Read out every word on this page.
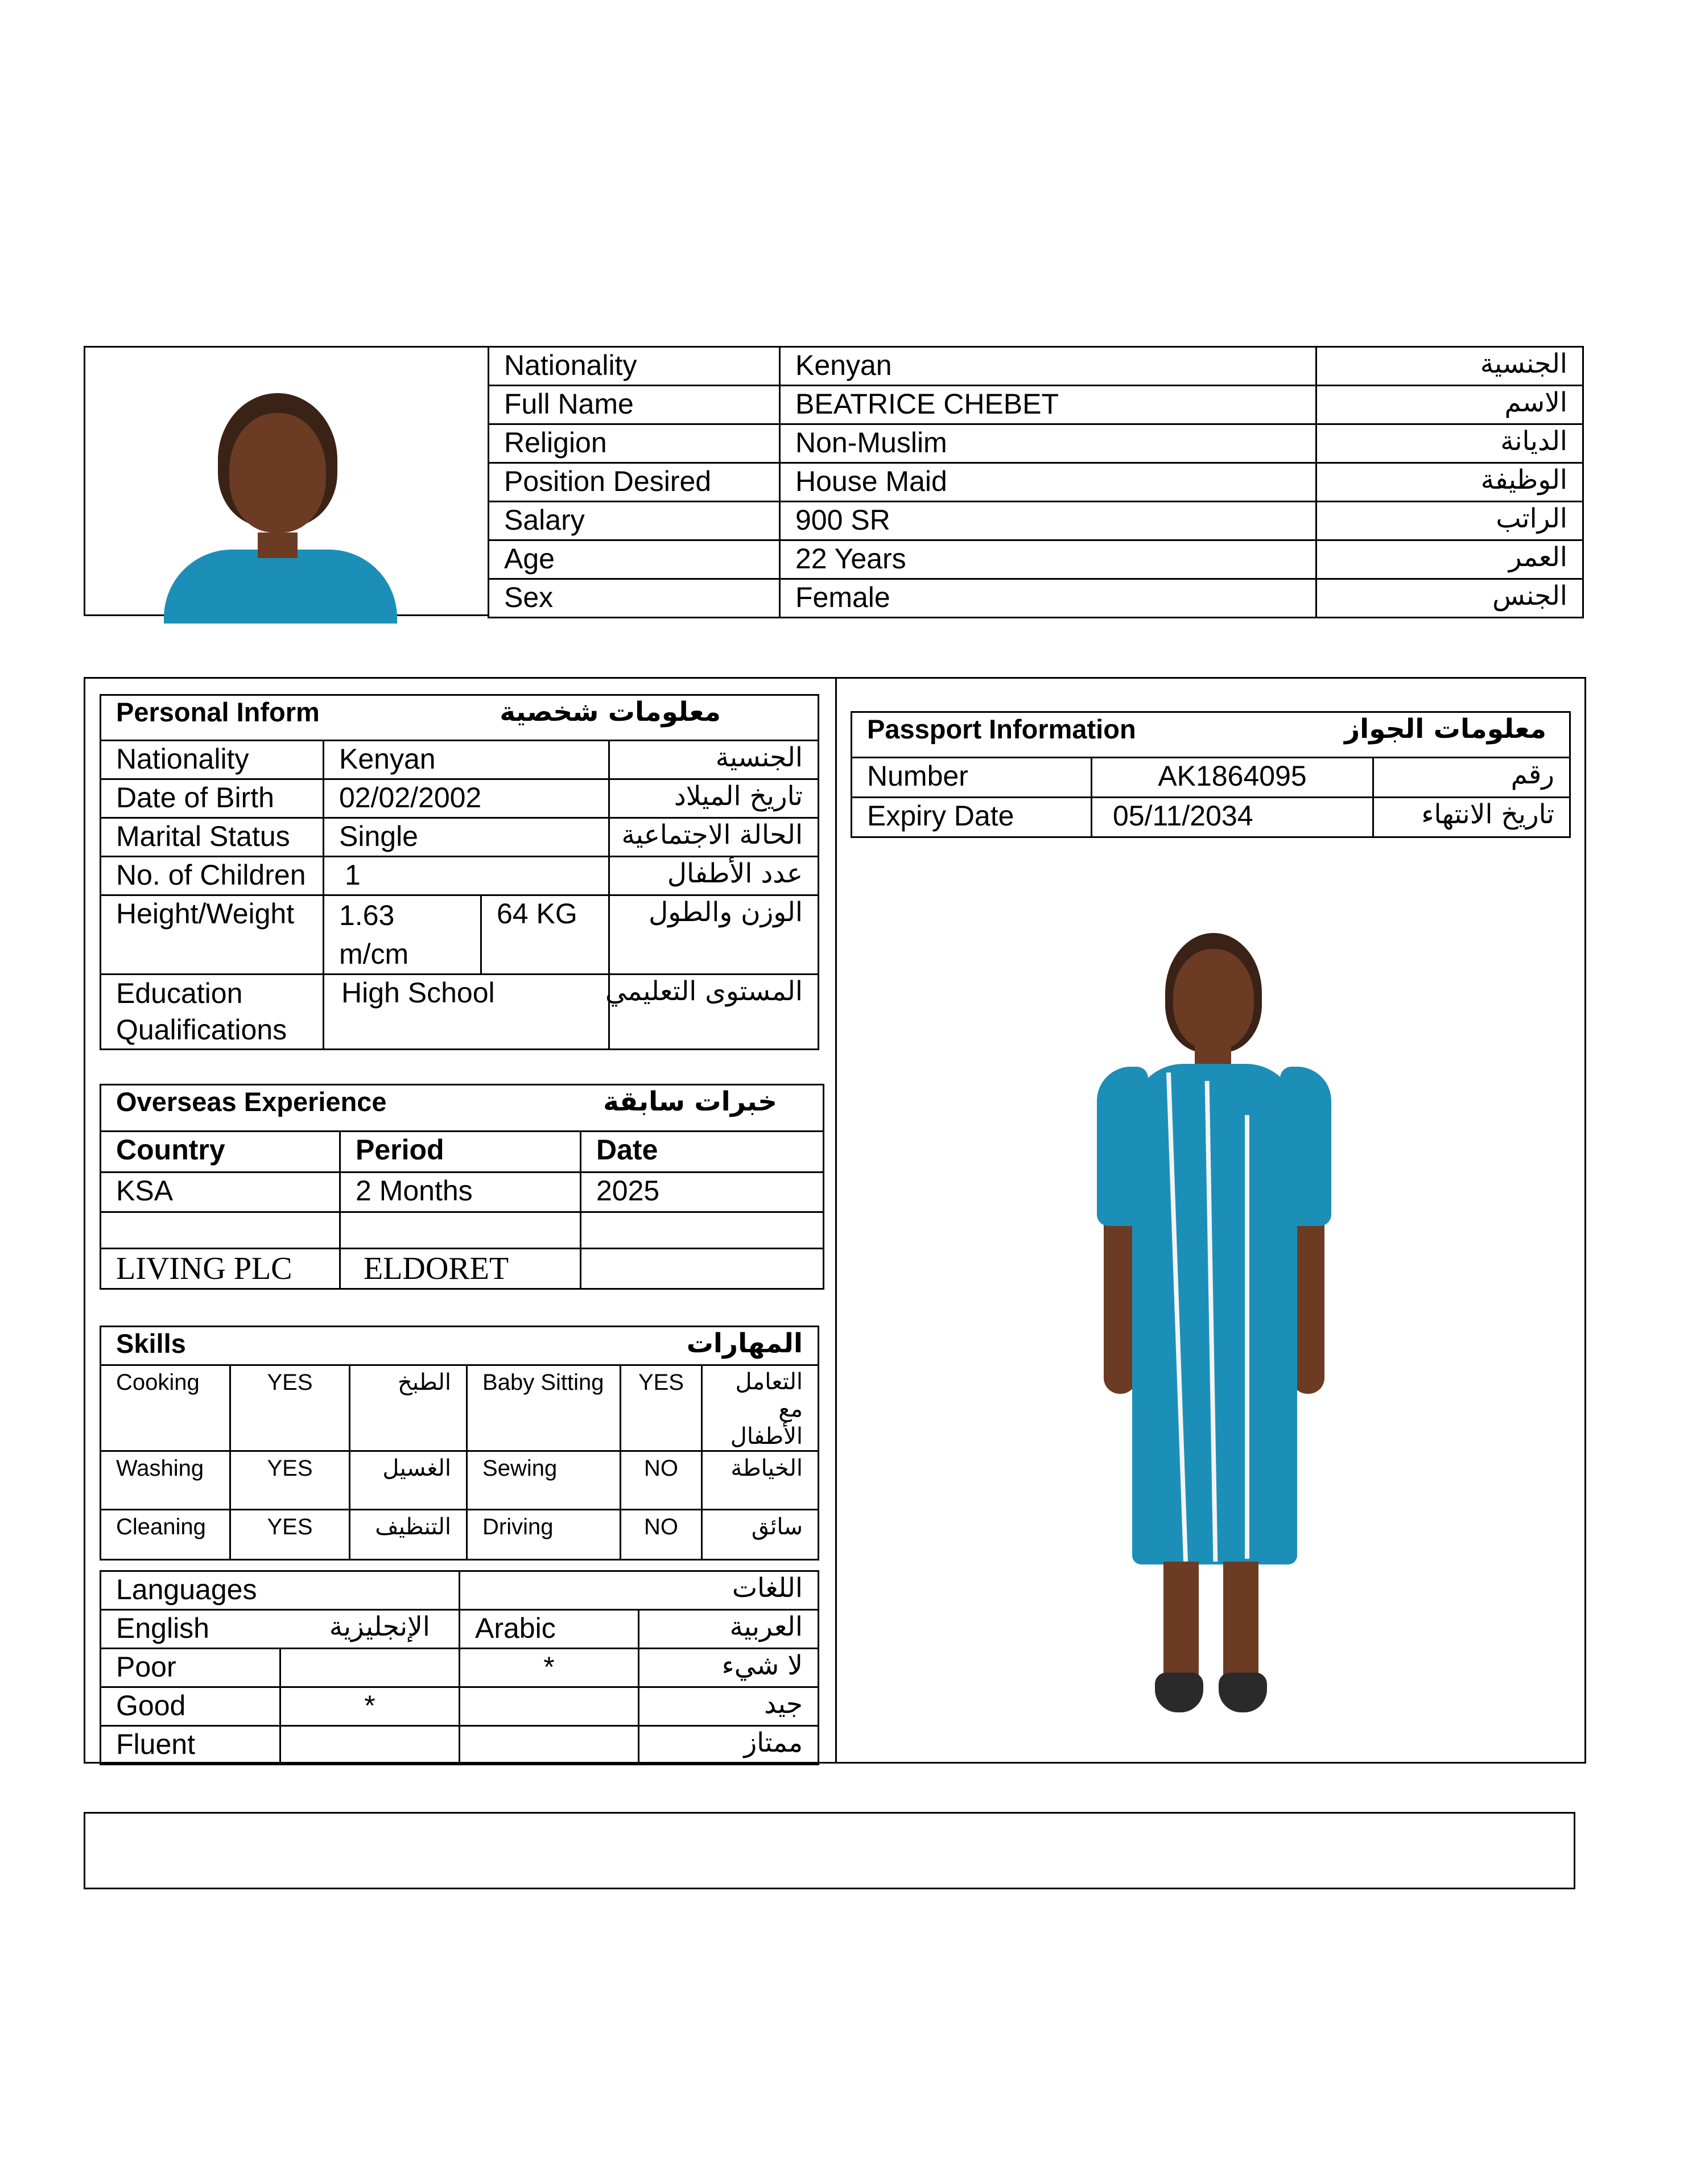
Nationality	Kenyan	الجنسية
Full Name	BEATRICE CHEBET	الاسم
Religion	Non-Muslim	الديانة
Position Desired	House Maid	الوظيفة
Salary	900 SR	الراتب
Age	22 Years	العمر
Sex	Female	الجنس
Personal Inform		معلومات شخصية	
Nationality	Kenyan		الجنسية
Date of Birth	02/02/2002		تاريخ الميلاد
Marital Status	Single		الحالة الاجتماعية
No. of Children	1		عدد الأطفال
Height/Weight	1.63 m/cm	64 KG	الوزن والطول
Education Qualifications	High School		المستوى التعليمي
Overseas Experience		خبرات سابقة
Country	Period	Date
KSA	2 Months	2025

LIVING PLC	ELDORET	
Skills			المهارات		
Cooking	YES	الطبخ	Baby Sitting	YES	التعامل مع الأطفال
Washing	YES	الغسيل	Sewing	NO	الخياطة
Cleaning	YES	التنظيف	Driving	NO	سائق
Languages		اللغات	
English الإنجليزية		Arabic	العربية
Poor		*	لا شيء
Good	*		جيد
Fluent			ممتاز
Passport Information		معلومات الجواز
Number	AK1864095	رقم
Expiry Date	05/11/2034	تاريخ الانتهاء
